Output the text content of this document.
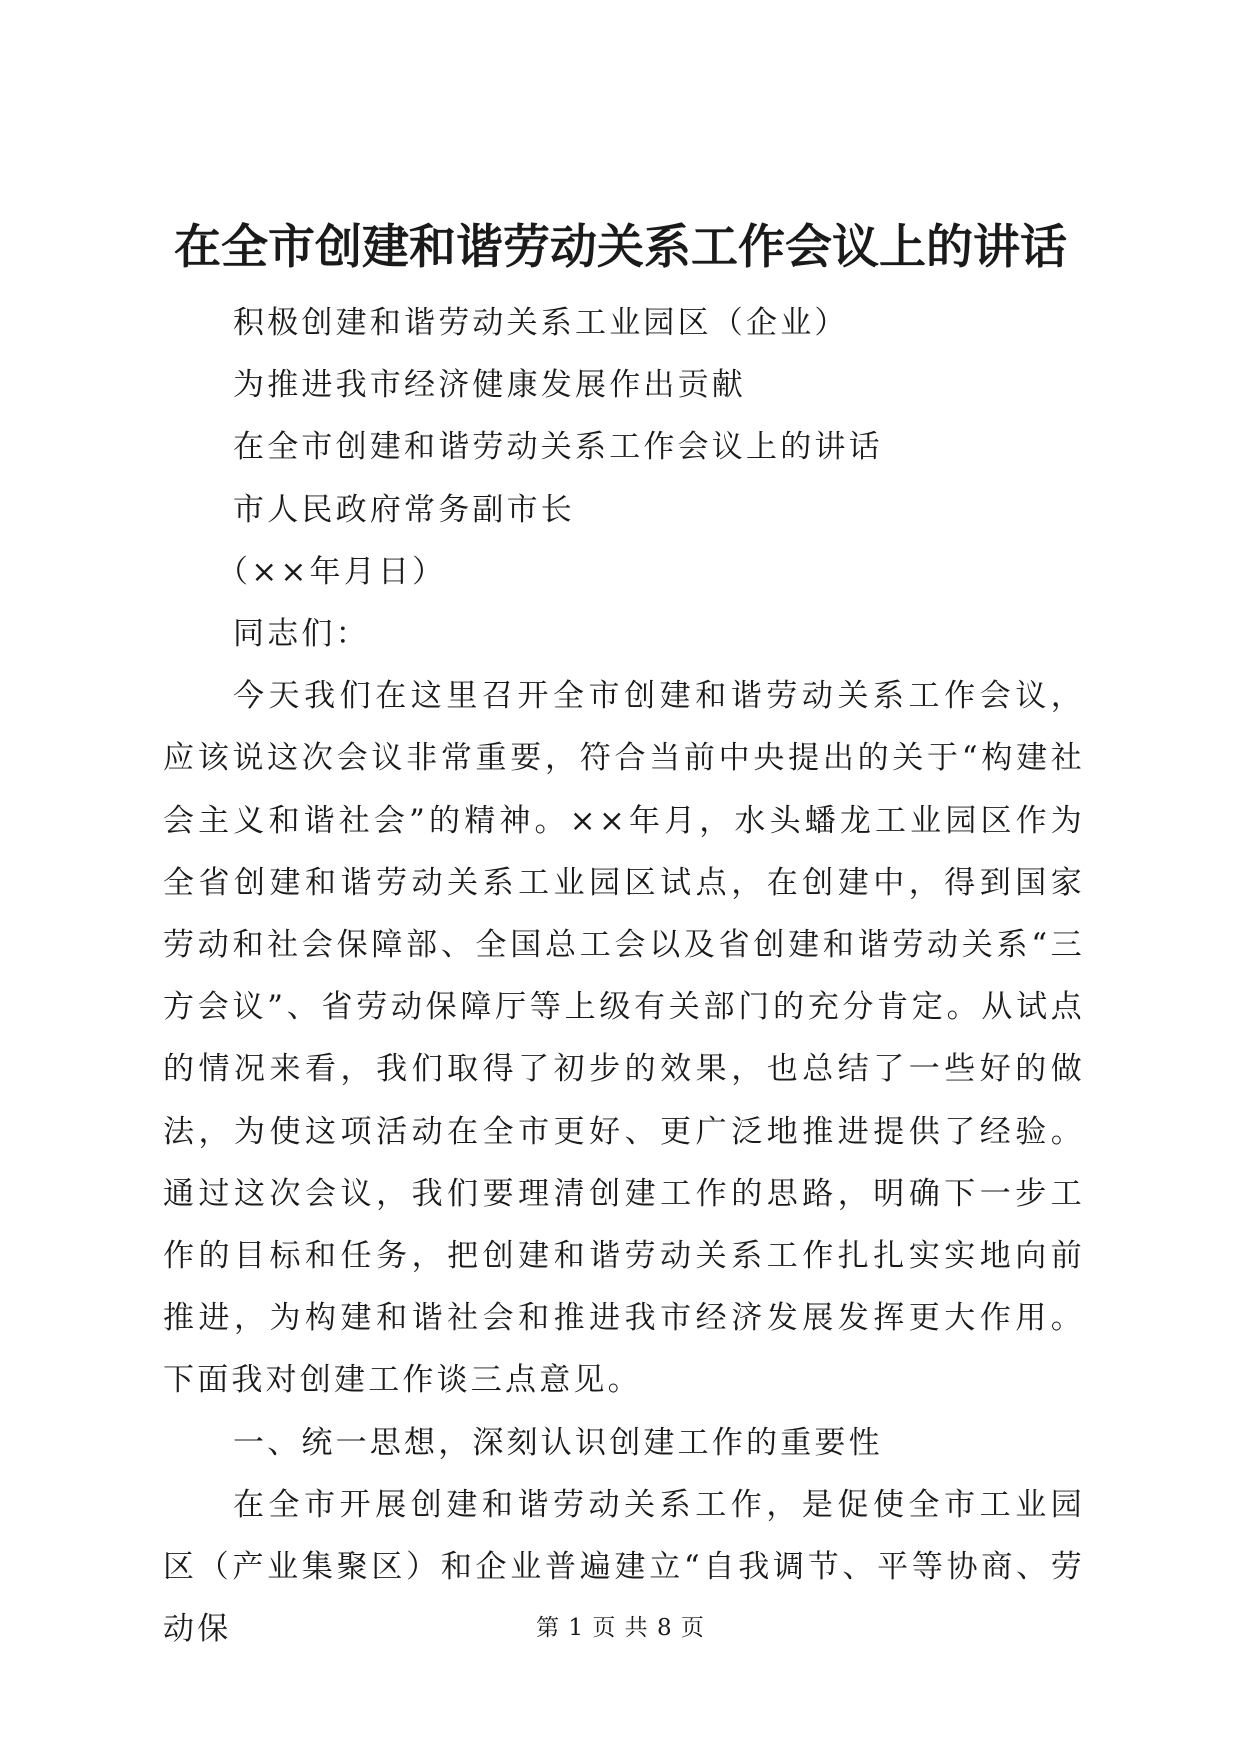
在全市创建和谐劳动关系工作会议上的讲话
积极创建和谐劳动关系工业园区（企业）
为推进我市经济健康发展作出贡献
在全市创建和谐劳动关系工作会议上的讲话
市人民政府常务副市长
（××年月日）
同志们：

今天我们在这里召开全市创建和谐劳动关系工作会议，应该说这次会议非常重要，符合当前中央提出的关于“构建社会主义和谐社会”的精神。××年月，水头蟠龙工业园区作为全省创建和谐劳动关系工业园区试点，在创建中，得到国家劳动和社会保障部、全国总工会以及省创建和谐劳动关系“三方会议”、省劳动保障厅等上级有关部门的充分肯定。从试点的情况来看，我们取得了初步的效果，也总结了一些好的做法，为使这项活动在全市更好、更广泛地推进提供了经验。通过这次会议，我们要理清创建工作的思路，明确下一步工作的目标和任务，把创建和谐劳动关系工作扎扎实实地向前推进，为构建和谐社会和推进我市经济发展发挥更大作用。下面我对创建工作谈三点意见。

一、统一思想，深刻认识创建工作的重要性

在全市开展创建和谐劳动关系工作，是促使全市工业园区（产业集聚区）和企业普遍建立“自我调节、平等协商、劳动保	第 1 页 共 8 页
